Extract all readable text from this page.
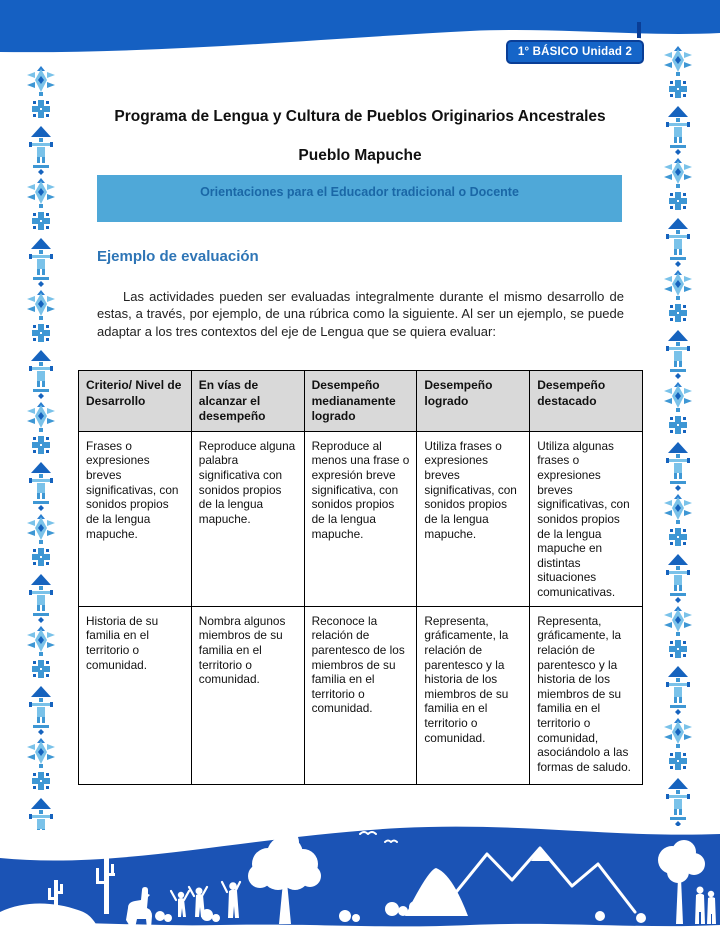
1° BÁSICO Unidad 2
Programa de Lengua y Cultura de Pueblos Originarios Ancestrales
Pueblo Mapuche
Orientaciones para el Educador tradicional o Docente
Ejemplo de evaluación

Las actividades pueden ser evaluadas integralmente durante el mismo desarrollo de estas, a través, por ejemplo, de una rúbrica como la siguiente. Al ser un ejemplo, se puede adaptar a los tres contextos del eje de Lengua que se quiera evaluar:

Criterio/ Nivel de Desarrollo	En vías de alcanzar el desempeño	Desempeño medianamente logrado	Desempeño logrado	Desempeño destacado
Frases o expresiones breves significativas, con sonidos propios de la lengua mapuche.	Reproduce alguna palabra significativa con sonidos propios de la lengua mapuche.	Reproduce al menos una frase o expresión breve significativa, con sonidos propios de la lengua mapuche.	Utiliza frases o expresiones breves significativas, con sonidos propios de la lengua mapuche.	Utiliza algunas frases o expresiones breves significativas, con sonidos propios de la lengua mapuche en distintas situaciones comunicativas.
Historia de su familia en el territorio o comunidad.	Nombra algunos miembros de su familia en el territorio o comunidad.	Reconoce la relación de parentesco de los miembros de su familia en el territorio o comunidad.	Representa, gráficamente, la relación de parentesco y la historia de los miembros de su familia en el territorio o comunidad.	Representa, gráficamente, la relación de parentesco y la historia de los miembros de su familia en el territorio o comunidad, asociándolo a las formas de saludo.
